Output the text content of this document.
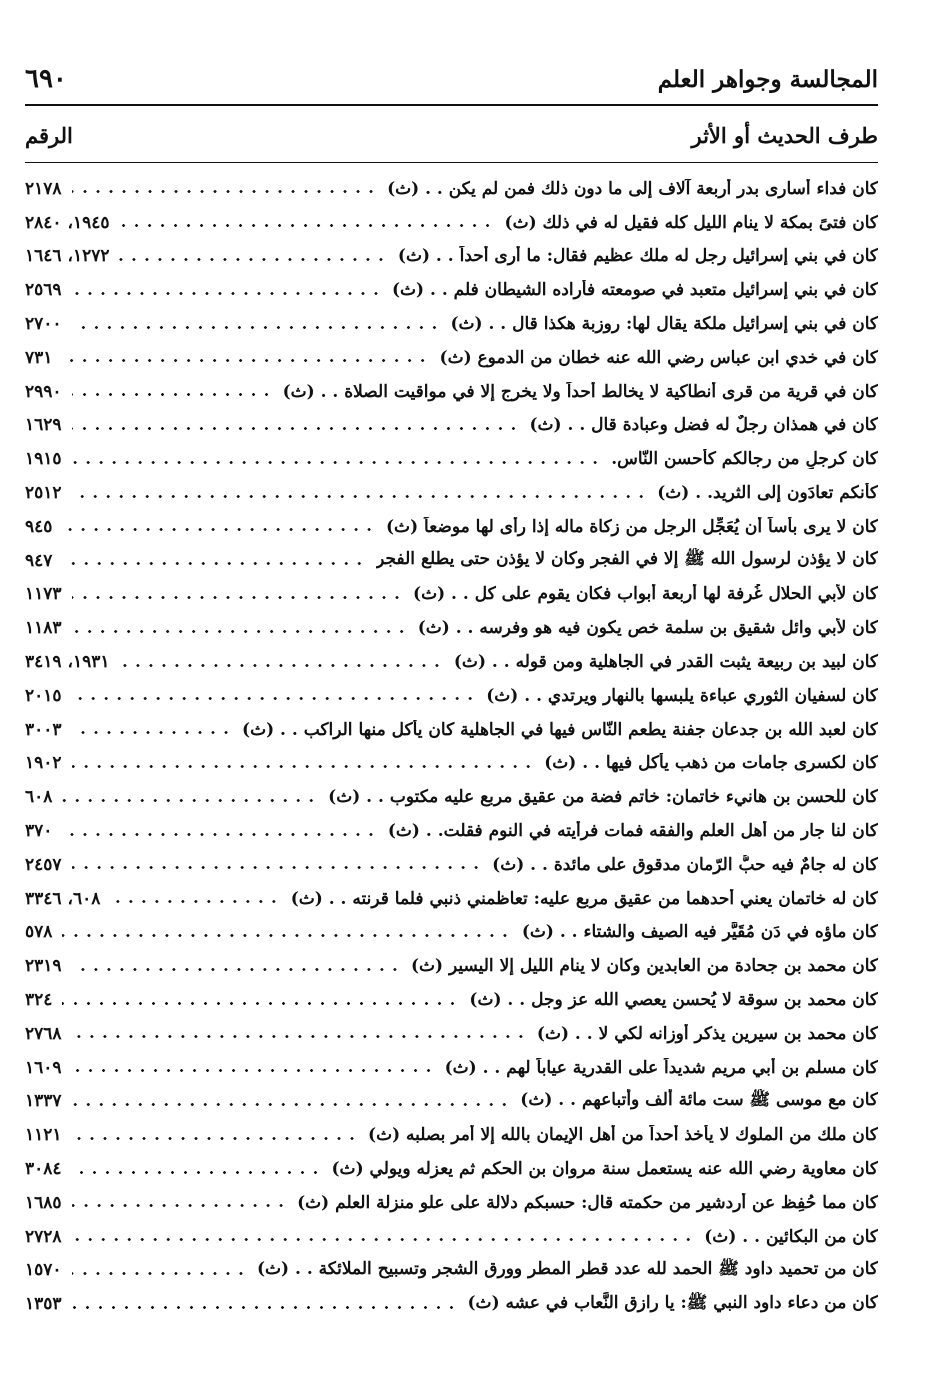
٦٩٠	المجالسة وجواهر العلم
طرف الحديث أو الأثر
الرقم
كان فداء أسارى بدر أربعة آلاف إلى ما دون ذلك فمن لم يكن . . (ث)
٢١٧٨
كان فتىً بمكة لا ينام الليل كله فقيل له في ذلك (ث)
١٩٤٥، ٢٨٤٠
كان في بني إسرائيل رجل له ملك عظيم فقال: ما أرى أحداً . . (ث)
١٢٧٢، ١٦٤٦
كان في بني إسرائيل متعبد في صومعته فأراده الشيطان فلم . . (ث)
٢٥٦٩
كان في بني إسرائيل ملكة يقال لها: روزبة هكذا قال . . (ث)
٢٧٠٠
كان في خدي ابن عباس رضي الله عنه خطان من الدموع (ث)
٧٣١
كان في قرية من قرى أنطاكية لا يخالط أحداً ولا يخرج إلا في مواقيت الصلاة . . (ث)
٢٩٩٠
كان في همذان رجلٌ له فضل وعبادة قال . . (ث)
١٦٢٩
كان كرجلٍ من رجالكم كأحسن النّاس.
١٩١٥
كأنكم تعادَون إلى الثريد. . (ث)
٢٥١٢
كان لا يرى بأساً أن يُعَجِّل الرجل من زكاة ماله إذا رأى لها موضعاً (ث)
٩٤٥
كان لا يؤذن لرسول الله ﷺ إلا في الفجر وكان لا يؤذن حتى يطلع الفجر
٩٤٧
كان لأبي الحلال غُرفة لها أربعة أبواب فكان يقوم على كل . . (ث)
١١٧٣
كان لأبي وائل شقيق بن سلمة خص يكون فيه هو وفرسه . . (ث)
١١٨٣
كان لبيد بن ربيعة يثبت القدر في الجاهلية ومن قوله . . (ث)
١٩٣١، ٣٤١٩
كان لسفيان الثوري عباءة يلبسها بالنهار ويرتدي . . (ث)
٢٠١٥
كان لعبد الله بن جدعان جفنة يطعم النّاس فيها في الجاهلية كان يأكل منها الراكب . . (ث)
٣٠٠٣
كان لكسرى جامات من ذهب يأكل فيها . . (ث)
١٩٠٢
كان للحسن بن هانيء خاتمان: خاتم فضة من عقيق مربع عليه مكتوب . . (ث)
٦٠٨
كان لنا جار من أهل العلم والفقه فمات فرأيته في النوم فقلت. . (ث)
٣٧٠
كان له جامٌ فيه حبُّ الرّمان مدقوق على مائدة . . (ث)
٢٤٥٧
كان له خاتمان يعني أحدهما من عقيق مربع عليه: تعاظمني ذنبي فلما قرنته . . (ث)
٦٠٨، ٣٣٤٦
كان ماؤه في دَن مُقَيَّر فيه الصيف والشتاء . . (ث)
٥٧٨
كان محمد بن جحادة من العابدين وكان لا ينام الليل إلا اليسير (ث)
٢٣١٩
كان محمد بن سوقة لا يُحسن يعصي الله عز وجل . . (ث)
٣٢٤
كان محمد بن سيرين يذكر أوزانه لكي لا . . (ث)
٢٧٦٨
كان مسلم بن أبي مريم شديداً على القدرية عياباً لهم . . (ث)
١٦٠٩
كان مع موسى ﷺ ست مائة ألف وأتباعهم . . (ث)
١٣٣٧
كان ملك من الملوك لا يأخذ أحداً من أهل الإيمان بالله إلا أمر بصلبه (ث)
١١٢١
كان معاوية رضي الله عنه يستعمل سنة مروان بن الحكم ثم يعزله ويولي (ث)
٣٠٨٤
كان مما حُفِظ عن أردشير من حكمته قال: حسبكم دلالة على علو منزلة العلم (ث)
١٦٨٥
كان من البكائين . . (ث)
٢٧٢٨
كان من تحميد داود ﷺ الحمد لله عدد قطر المطر وورق الشجر وتسبيح الملائكة . . (ث)
١٥٧٠
كان من دعاء داود النبي ﷺ: يا رازق النَّعاب في عشه (ث)
١٣٥٣
